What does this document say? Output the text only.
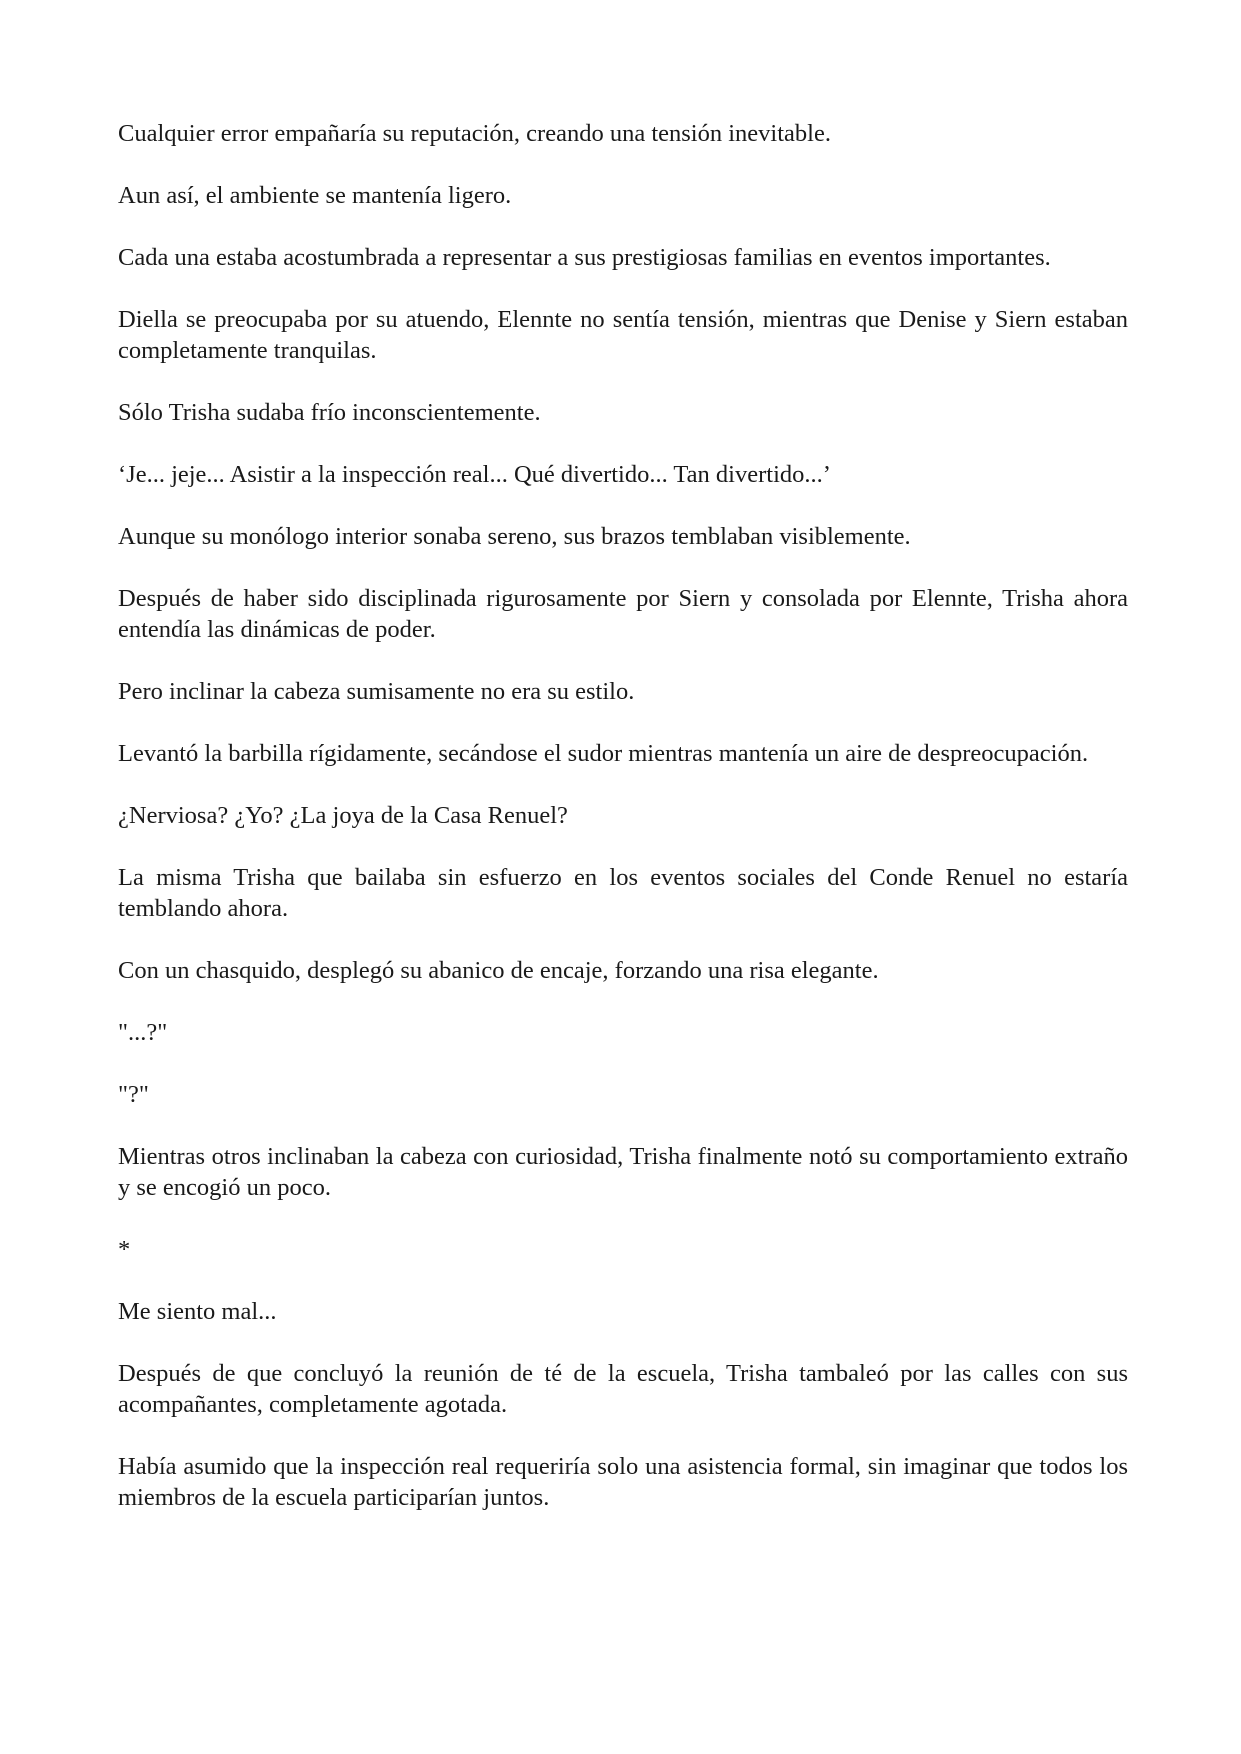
Cualquier error empañaría su reputación, creando una tensión inevitable.

Aun así, el ambiente se mantenía ligero.

Cada una estaba acostumbrada a representar a sus prestigiosas familias en eventos importantes.

Diella se preocupaba por su atuendo, Elennte no sentía tensión, mientras que Denise y Siern estaban completamente tranquilas.

Sólo Trisha sudaba frío inconscientemente.

‘Je... jeje... Asistir a la inspección real... Qué divertido... Tan divertido...’

Aunque su monólogo interior sonaba sereno, sus brazos temblaban visiblemente.

Después de haber sido disciplinada rigurosamente por Siern y consolada por Elennte, Trisha ahora entendía las dinámicas de poder.

Pero inclinar la cabeza sumisamente no era su estilo.

Levantó la barbilla rígidamente, secándose el sudor mientras mantenía un aire de despreocupación.

¿Nerviosa? ¿Yo? ¿La joya de la Casa Renuel?

La misma Trisha que bailaba sin esfuerzo en los eventos sociales del Conde Renuel no estaría temblando ahora.

Con un chasquido, desplegó su abanico de encaje, forzando una risa elegante.

"...?"

"?"

Mientras otros inclinaban la cabeza con curiosidad, Trisha finalmente notó su comportamiento extraño y se encogió un poco.

*

Me siento mal...

Después de que concluyó la reunión de té de la escuela, Trisha tambaleó por las calles con sus acompañantes, completamente agotada.

Había asumido que la inspección real requeriría solo una asistencia formal, sin imaginar que todos los miembros de la escuela participarían juntos.
